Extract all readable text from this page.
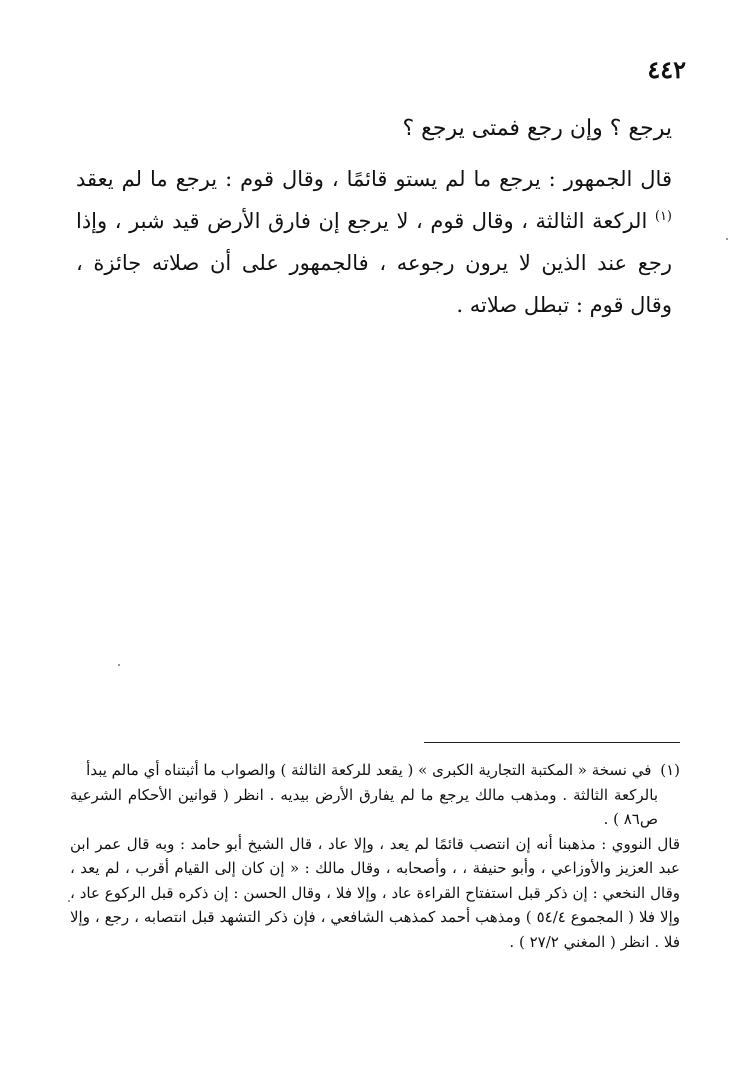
٤٤٢

يرجع ؟ وإن رجع فمتى يرجع ؟

قال الجمهور : يرجع ما لم يستو قائمًا ، وقال قوم : يرجع ما لم يعقد $^{(١)}$ الركعة الثالثة ، وقال قوم ، لا يرجع إن فارق الأرض قيد شبر ، وإذا رجع عند الذين لا يرون رجوعه ، فالجمهور على أن صلاته جائزة ، وقال قوم : تبطل صلاته .

(١) في نسخة « المكتبة التجارية الكبرى » ( يقعد للركعة الثالثة ) والصواب ما أثبتناه أي مالم يبدأ

بالركعة الثالثة . ومذهب مالك يرجع ما لم يفارق الأرض بيديه . انظر ( قوانين الأحكام الشرعية ص٨٦ ) .

قال النووي : مذهبنا أنه إن انتصب قائمًا لم يعد ، وإلا عاد ، قال الشيخ أبو حامد : وبه قال عمر ابن عبد العزيز والأوزاعي ، وأبو حنيفة ، ، وأصحابه ، وقال مالك : « إن كان إلى القيام أقرب ، لم يعد ، وقال النخعي : إن ذكر قبل استفتاح القراءة عاد ، وإلا فلا ، وقال الحسن : إن ذكره قبل الركوع عاد ، وإلا فلا ( المجموع ٥٤/٤ ) ومذهب أحمد كمذهب الشافعي ، فإن ذكر التشهد قبل انتصابه ، رجع ، وإلا فلا . انظر ( المغني ٢٧/٢ ) .
